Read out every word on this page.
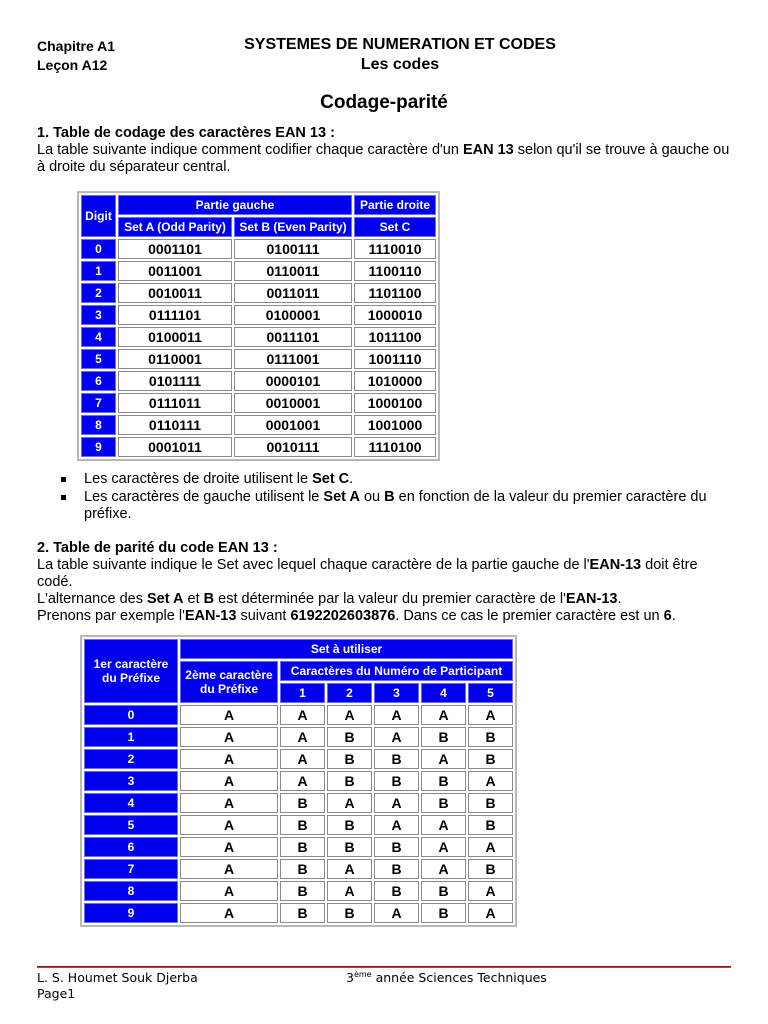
Chapitre A1
Leçon A12
SYSTEMES DE NUMERATION ET CODES
Les codes
Codage-parité
1. Table de codage des caractères EAN 13 :
La table suivante indique comment codifier chaque caractère d'un EAN 13 selon qu'il se trouve à gauche ou à droite du séparateur central.
Digit	Partie gauche		Partie droite
	Set A (Odd Parity)	Set B (Even Parity)	Set C
0	0001101	0100111	1110010
1	0011001	0110011	1100110
2	0010011	0011011	1101100
3	0111101	0100001	1000010
4	0100011	0011101	1011100
5	0110001	0111001	1001110
6	0101111	0000101	1010000
7	0111011	0010001	1000100
8	0110111	0001001	1001000
9	0001011	0010111	1110100
Les caractères de droite utilisent le Set C.
Les caractères de gauche utilisent le Set A ou B en fonction de la valeur du premier caractère du préfixe.
2. Table de parité du code EAN 13 :
La table suivante indique le Set avec lequel chaque caractère de la partie gauche de l'EAN-13 doit être codé.
L'alternance des Set A et B est déterminée par la valeur du premier caractère de l'EAN-13.
Prenons par exemple l'EAN-13 suivant 6192202603876. Dans ce cas le premier caractère est un 6.
1er caractère du Préfixe	Set à utiliser					
	2ème caractère du Préfixe	Caractères du Numéro de Participant				
		1	2	3	4	5
0	A	A	A	A	A	A
1	A	A	B	A	B	B
2	A	A	B	B	A	B
3	A	A	B	B	B	A
4	A	B	A	A	B	B
5	A	B	B	A	A	B
6	A	B	B	B	A	A
7	A	B	A	B	A	B
8	A	B	A	B	B	A
9	A	B	B	A	B	A
L. S. Houmet Souk Djerba
Page1
3ème année Sciences Techniques
